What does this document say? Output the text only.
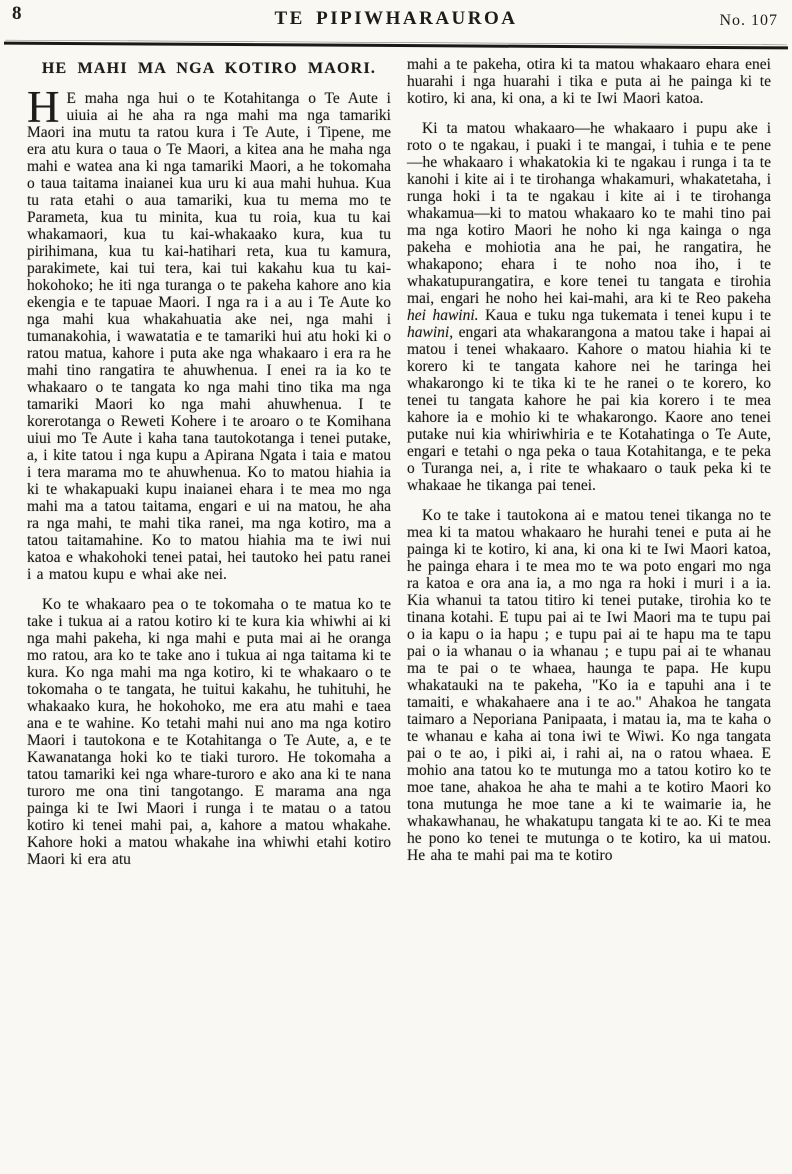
8	TE PIPIWHARAUROA	No. 107
HE MAHI MA NGA KOTIRO MAORI.

H E maha nga hui o te Kotahitanga o Te Aute i uiuia ai he aha ra nga mahi ma nga tamariki Maori ina mutu ta ratou kura i Te Aute, i Tipene, me era atu kura o taua o Te Maori, a kitea ana he maha nga mahi e watea ana ki nga tamariki Maori, a he tokomaha o taua taitama inaianei kua uru ki aua mahi huhua. Kua tu rata etahi o aua tamariki, kua tu mema mo te Parameta, kua tu minita, kua tu roia, kua tu kai whakamaori, kua tu kai-whakaako kura, kua tu pirihimana, kua tu kai-hatihari reta, kua tu kamura, parakimete, kai tui tera, kai tui kakahu kua tu kai-hokohoko; he iti nga turanga o te pakeha kahore ano kia ekengia e te tapuae Maori. I nga ra i a au i Te Aute ko nga mahi kua whakahuatia ake nei, nga mahi i tumanakohia, i wawatatia e te tamariki hui atu hoki ki o ratou matua, kahore i puta ake nga whakaaro i era ra he mahi tino rangatira te ahuwhenua. I enei ra ia ko te whakaaro o te tangata ko nga mahi tino tika ma nga tamariki Maori ko nga mahi ahuwhenua. I te korerotanga o Reweti Kohere i te aroaro o te Komihana uiui mo Te Aute i kaha tana tautokotanga i tenei putake, a, i kite tatou i nga kupu a Apirana Ngata i taia e matou i tera marama mo te ahuwhenua. Ko to matou hiahia ia ki te whakapuaki kupu inaianei ehara i te mea mo nga mahi ma a tatou taitama, engari e ui na matou, he aha ra nga mahi, te mahi tika ranei, ma nga kotiro, ma a tatou taitamahine. Ko to matou hiahia ma te iwi nui katoa e whakohoki tenei patai, hei tautoko hei patu ranei i a matou kupu e whai ake nei.

Ko te whakaaro pea o te tokomaha o te matua ko te take i tukua ai a ratou kotiro ki te kura kia whiwhi ai ki nga mahi pakeha, ki nga mahi e puta mai ai he oranga mo ratou, ara ko te take ano i tukua ai nga taitama ki te kura. Ko nga mahi ma nga kotiro, ki te whakaaro o te tokomaha o te tangata, he tuitui kakahu, he tuhituhi, he whakaako kura, he hokohoko, me era atu mahi e taea ana e te wahine. Ko tetahi mahi nui ano ma nga kotiro Maori i tautokona e te Kotahitanga o Te Aute, a, e te Kawanatanga hoki ko te tiaki turoro. He tokomaha a tatou tamariki kei nga whare-turoro e ako ana ki te nana turoro me ona tini tangotango. E marama ana nga painga ki te Iwi Maori i runga i te matau o a tatou kotiro ki tenei mahi pai, a, kahore a matou whakahe. Kahore hoki a matou whakahe ina whiwhi etahi kotiro Maori ki era atu

mahi a te pakeha, otira ki ta matou whakaaro ehara enei huarahi i nga huarahi i tika e puta ai he painga ki te kotiro, ki ana, ki ona, a ki te Iwi Maori katoa.

Ki ta matou whakaaro—he whakaaro i pupu ake i roto o te ngakau, i puaki i te mangai, i tuhia e te pene—he whakaaro i whakatokia ki te ngakau i runga i ta te kanohi i kite ai i te tirohanga whakamuri, whakatetaha, i runga hoki i ta te ngakau i kite ai i te tirohanga whakamua—ki to matou whakaaro ko te mahi tino pai ma nga kotiro Maori he noho ki nga kainga o nga pakeha e mohiotia ana he pai, he rangatira, he whakapono; ehara i te noho noa iho, i te whakatupurangatira, e kore tenei tu tangata e tirohia mai, engari he noho hei kai-mahi, ara ki te Reo pakeha hei hawini. Kaua e tuku nga tukemata i tenei kupu i te hawini, engari ata whakarangona a matou take i hapai ai matou i tenei whakaaro. Kahore o matou hiahia ki te korero ki te tangata kahore nei he taringa hei whakarongo ki te tika ki te he ranei o te korero, ko tenei tu tangata kahore he pai kia korero i te mea kahore ia e mohio ki te whakarongo. Kaore ano tenei putake nui kia whiriwhiria e te Kotahatinga o Te Aute, engari e tetahi o nga peka o taua Kotahitanga, e te peka o Turanga nei, a, i rite te whakaaro o tauk peka ki te whakaae he tikanga pai tenei.

Ko te take i tautokona ai e matou tenei tikanga no te mea ki ta matou whakaaro he hurahi tenei e puta ai he painga ki te kotiro, ki ana, ki ona ki te Iwi Maori katoa, he painga ehara i te mea mo te wa poto engari mo nga ra katoa e ora ana ia, a mo nga ra hoki i muri i a ia. Kia whanui ta tatou titiro ki tenei putake, tirohia ko te tinana kotahi. E tupu pai ai te Iwi Maori ma te tupu pai o ia kapu o ia hapu ; e tupu pai ai te hapu ma te tapu pai o ia whanau o ia whanau ; e tupu pai ai te whanau ma te pai o te whaea, haunga te papa. He kupu whakatauki na te pakeha, "Ko ia e tapuhi ana i te tamaiti, e whakahaere ana i te ao." Ahakoa he tangata taimaro a Neporiana Panipaata, i matau ia, ma te kaha o te whanau e kaha ai tona iwi te Wiwi. Ko nga tangata pai o te ao, i piki ai, i rahi ai, na o ratou whaea. E mohio ana tatou ko te mutunga mo a tatou kotiro ko te moe tane, ahakoa he aha te mahi a te kotiro Maori ko tona mutunga he moe tane a ki te waimarie ia, he whakawhanau, he whakatupu tangata ki te ao. Ki te mea he pono ko tenei te mutunga o te kotiro, ka ui matou. He aha te mahi pai ma te kotiro
